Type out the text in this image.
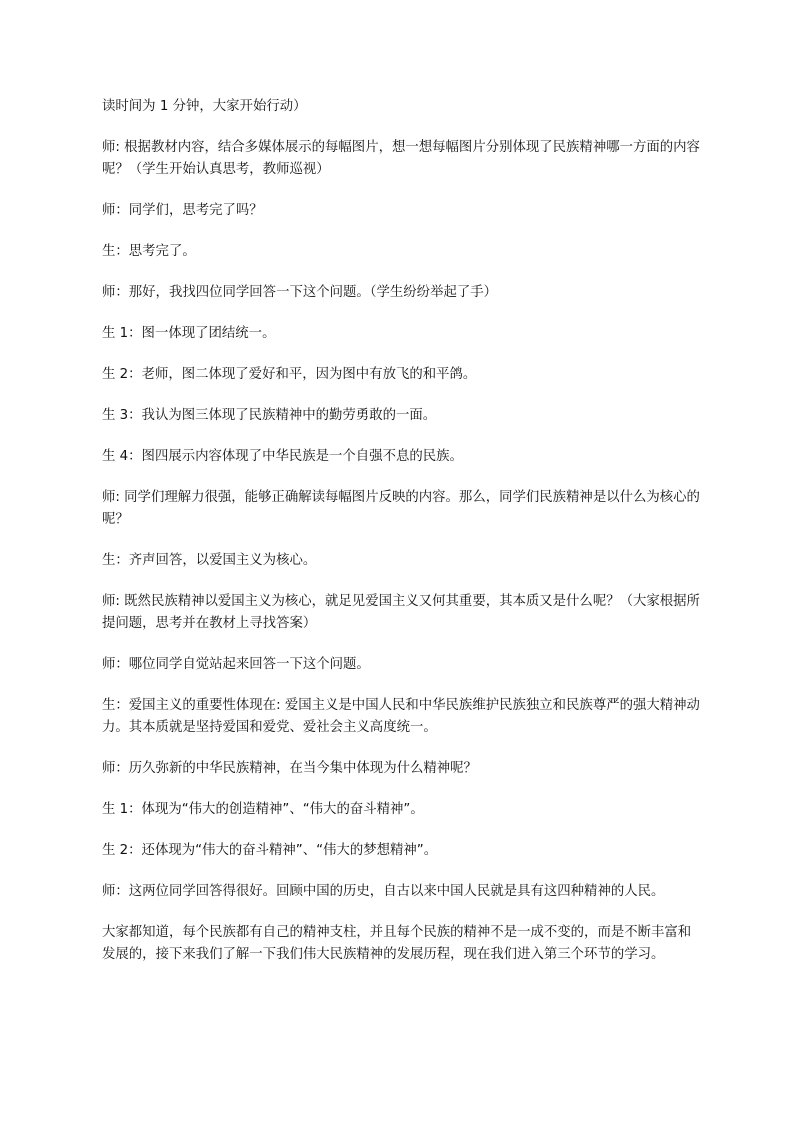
读时间为 1 分钟，大家开始行动）

师: 根据教材内容，结合多媒体展示的每幅图片，想一想每幅图片分别体现了民族精神哪一方面的内容呢？（学生开始认真思考，教师巡视）

师：同学们，思考完了吗？

生：思考完了。

师：那好，我找四位同学回答一下这个问题。（学生纷纷举起了手）

生 1：图一体现了团结统一。

生 2：老师，图二体现了爱好和平，因为图中有放飞的和平鸽。

生 3：我认为图三体现了民族精神中的勤劳勇敢的一面。

生 4：图四展示内容体现了中华民族是一个自强不息的民族。

师: 同学们理解力很强，能够正确解读每幅图片反映的内容。那么，同学们民族精神是以什么为核心的呢？

生：齐声回答，以爱国主义为核心。

师: 既然民族精神以爱国主义为核心，就足见爱国主义又何其重要，其本质又是什么呢？（大家根据所提问题，思考并在教材上寻找答案）

师：哪位同学自觉站起来回答一下这个问题。

生：爱国主义的重要性体现在: 爱国主义是中国人民和中华民族维护民族独立和民族尊严的强大精神动力。其本质就是坚持爱国和爱党、爱社会主义高度统一。

师：历久弥新的中华民族精神，在当今集中体现为什么精神呢？

生 1：体现为“伟大的创造精神”、“伟大的奋斗精神”。

生 2：还体现为“伟大的奋斗精神”、“伟大的梦想精神”。

师：这两位同学回答得很好。回顾中国的历史，自古以来中国人民就是具有这四种精神的人民。

大家都知道，每个民族都有自己的精神支柱，并且每个民族的精神不是一成不变的，而是不断丰富和发展的，接下来我们了解一下我们伟大民族精神的发展历程，现在我们进入第三个环节的学习。
